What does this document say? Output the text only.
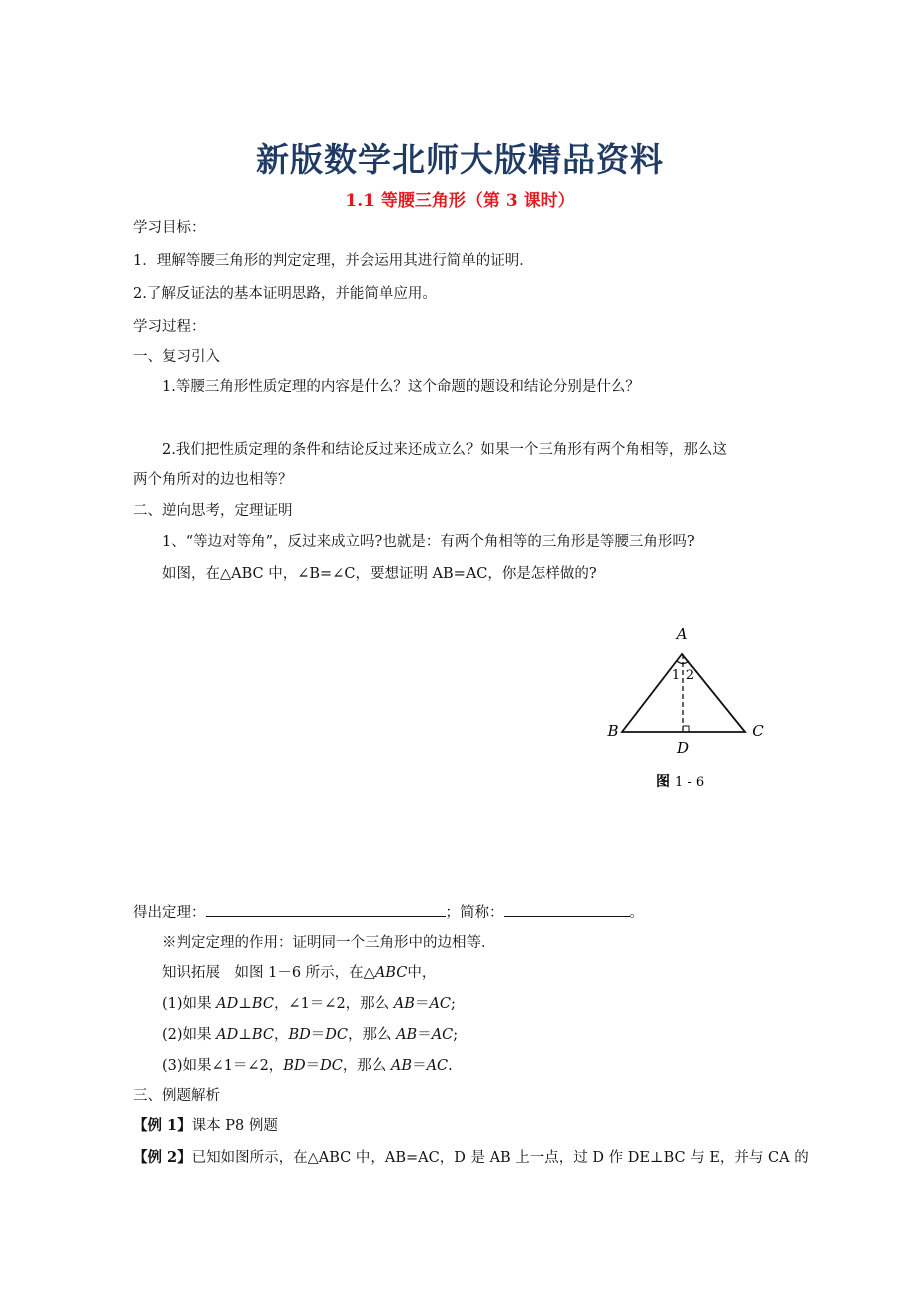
新版数学北师大版精品资料
1.1 等腰三角形（第 3 课时）
学习目标：
1．理解等腰三角形的判定定理，并会运用其进行简单的证明．
2.了解反证法的基本证明思路，并能简单应用。
学习过程：
一、复习引入
1.等腰三角形性质定理的内容是什么？这个命题的题设和结论分别是什么？
2.我们把性质定理的条件和结论反过来还成立么？如果一个三角形有两个角相等，那么这
两个角所对的边也相等？
二、逆向思考，定理证明
1、“等边对等角”，反过来成立吗?也就是：有两个角相等的三角形是等腰三角形吗?
如图，在△ABC 中，∠B=∠C，要想证明 AB=AC，你是怎样做的?
A
B	C
D
1 2
图 1 - 6
得出定理：	；简称：	。
※判定定理的作用：证明同一个三角形中的边相等．
知识拓展　如图 1－6 所示，在△ABC中，
(1)如果 AD⊥BC，∠1＝∠2，那么 AB＝AC;
(2)如果 AD⊥BC，BD＝DC，那么 AB＝AC;
(3)如果∠1＝∠2，BD＝DC，那么 AB＝AC.
三、例题解析
【例 1】课本 P8 例题
【例 2】已知如图所示，在△ABC 中，AB=AC，D 是 AB 上一点，过 D 作 DE⊥BC 与 E，并与 CA 的
